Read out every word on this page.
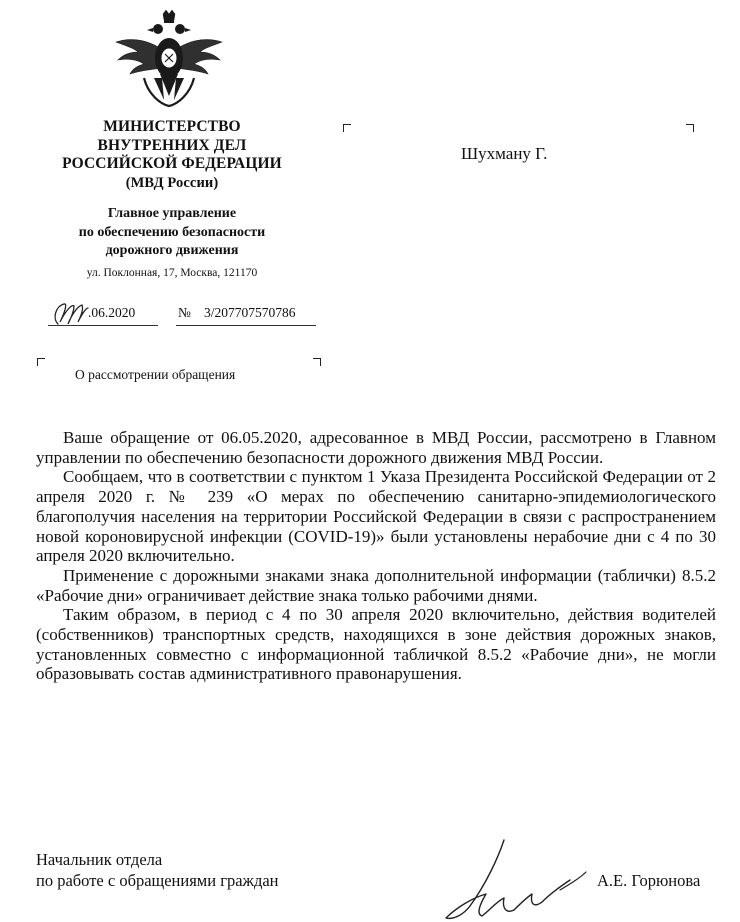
МИНИСТЕРСТВО
ВНУТРЕННИХ ДЕЛ
РОССИЙСКОЙ ФЕДЕРАЦИИ
(МВД России)
Главное управление
по обеспечению безопасности
дорожного движения
ул. Поклонная, 17, Москва, 121170
.06.2020	№ 3/207707570786
Шухману Г.
О рассмотрении обращения

Ваше обращение от 06.05.2020, адресованное в МВД России, рассмотрено в Главном управлении по обеспечению безопасности дорожного движения МВД России.

Сообщаем, что в соответствии с пунктом 1 Указа Президента Российской Федерации от 2 апреля 2020 г. № 239 «О мерах по обеспечению санитарно-эпидемиологического благополучия населения на территории Российской Федерации в связи с распространением новой короновирусной инфекции (COVID-19)» были установлены нерабочие дни с 4 по 30 апреля 2020 включительно.

Применение с дорожными знаками знака дополнительной информации (таблички) 8.5.2 «Рабочие дни» ограничивает действие знака только рабочими днями.

Таким образом, в период с 4 по 30 апреля 2020 включительно, действия водителей (собственников) транспортных средств, находящихся в зоне действия дорожных знаков, установленных совместно с информационной табличкой 8.5.2 «Рабочие дни», не могли образовывать состав административного правонарушения.

Начальник отдела
по работе с обращениями граждан	А.Е. Горюнова
